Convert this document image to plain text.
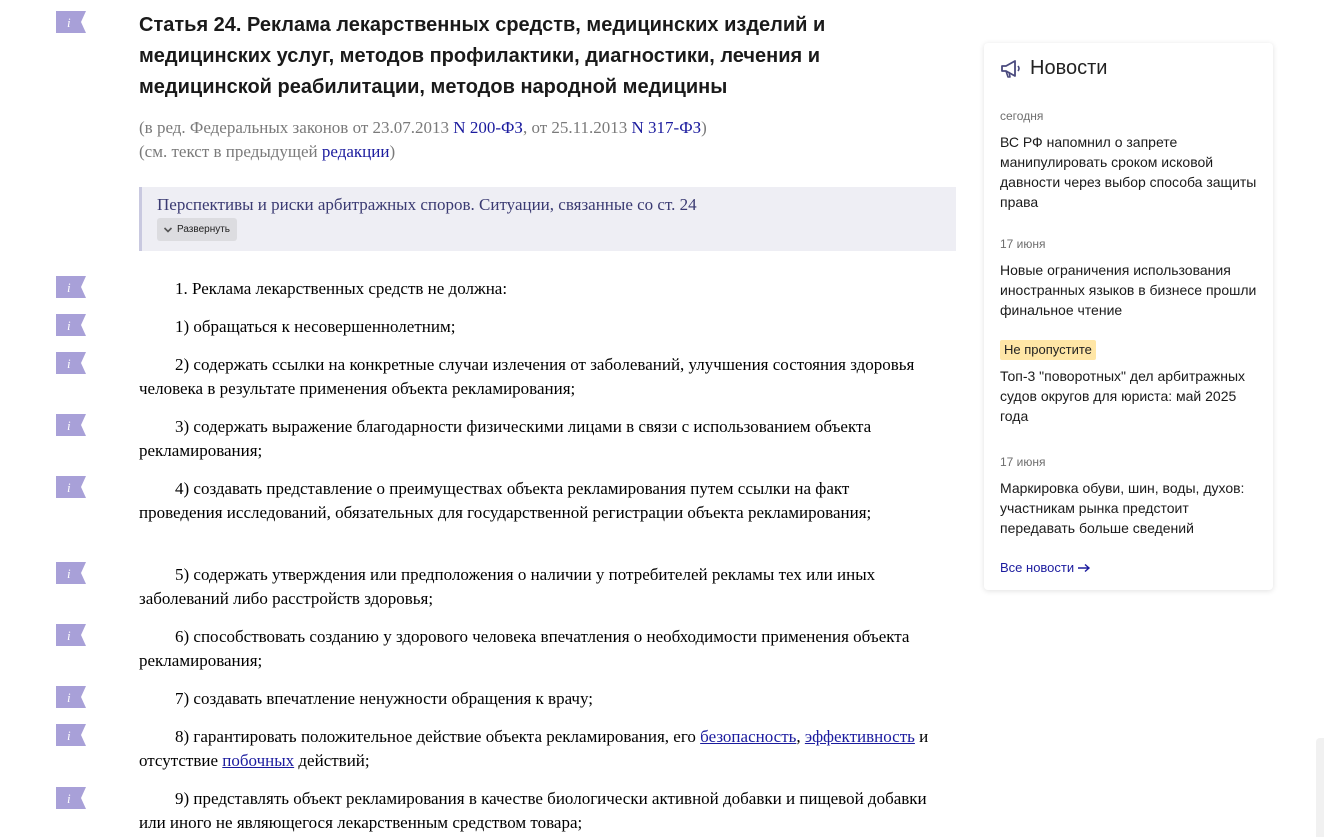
i	Статья 24. Реклама лекарственных средств, медицинских изделий и медицинских услуг, методов профилактики, диагностики, лечения и медицинской реабилитации, методов народной медицины
(в ред. Федеральных законов от 23.07.2013 N 200-ФЗ, от 25.11.2013 N 317-ФЗ)
(см. текст в предыдущей редакции)
Перспективы и риски арбитражных споров. Ситуации, связанные со ст. 24
Развернуть
i	1. Реклама лекарственных средств не должна:

i	1) обращаться к несовершеннолетним;

i	2) содержать ссылки на конкретные случаи излечения от заболеваний, улучшения состояния здоровья человека в результате применения объекта рекламирования;

i	3) содержать выражение благодарности физическими лицами в связи с использованием объекта рекламирования;

i	4) создавать представление о преимуществах объекта рекламирования путем ссылки на факт проведения исследований, обязательных для государственной регистрации объекта рекламирования;

i	5) содержать утверждения или предположения о наличии у потребителей рекламы тех или иных заболеваний либо расстройств здоровья;

i	6) способствовать созданию у здорового человека впечатления о необходимости применения объекта рекламирования;

i	7) создавать впечатление ненужности обращения к врачу;

i	8) гарантировать положительное действие объекта рекламирования, его безопасность, эффективность и отсутствие побочных действий;

i	9) представлять объект рекламирования в качестве биологически активной добавки и пищевой добавки или иного не являющегося лекарственным средством товара;

Новости
сегодня
ВС РФ напомнил о запрете манипулировать сроком исковой давности через выбор способа защиты права
17 июня
Новые ограничения использования иностранных языков в бизнесе прошли финальное чтение
Не пропустите
Топ-3 "поворотных" дел арбитражных судов округов для юриста: май 2025 года
17 июня
Маркировка обуви, шин, воды, духов: участникам рынка предстоит передавать больше сведений
Все новости
